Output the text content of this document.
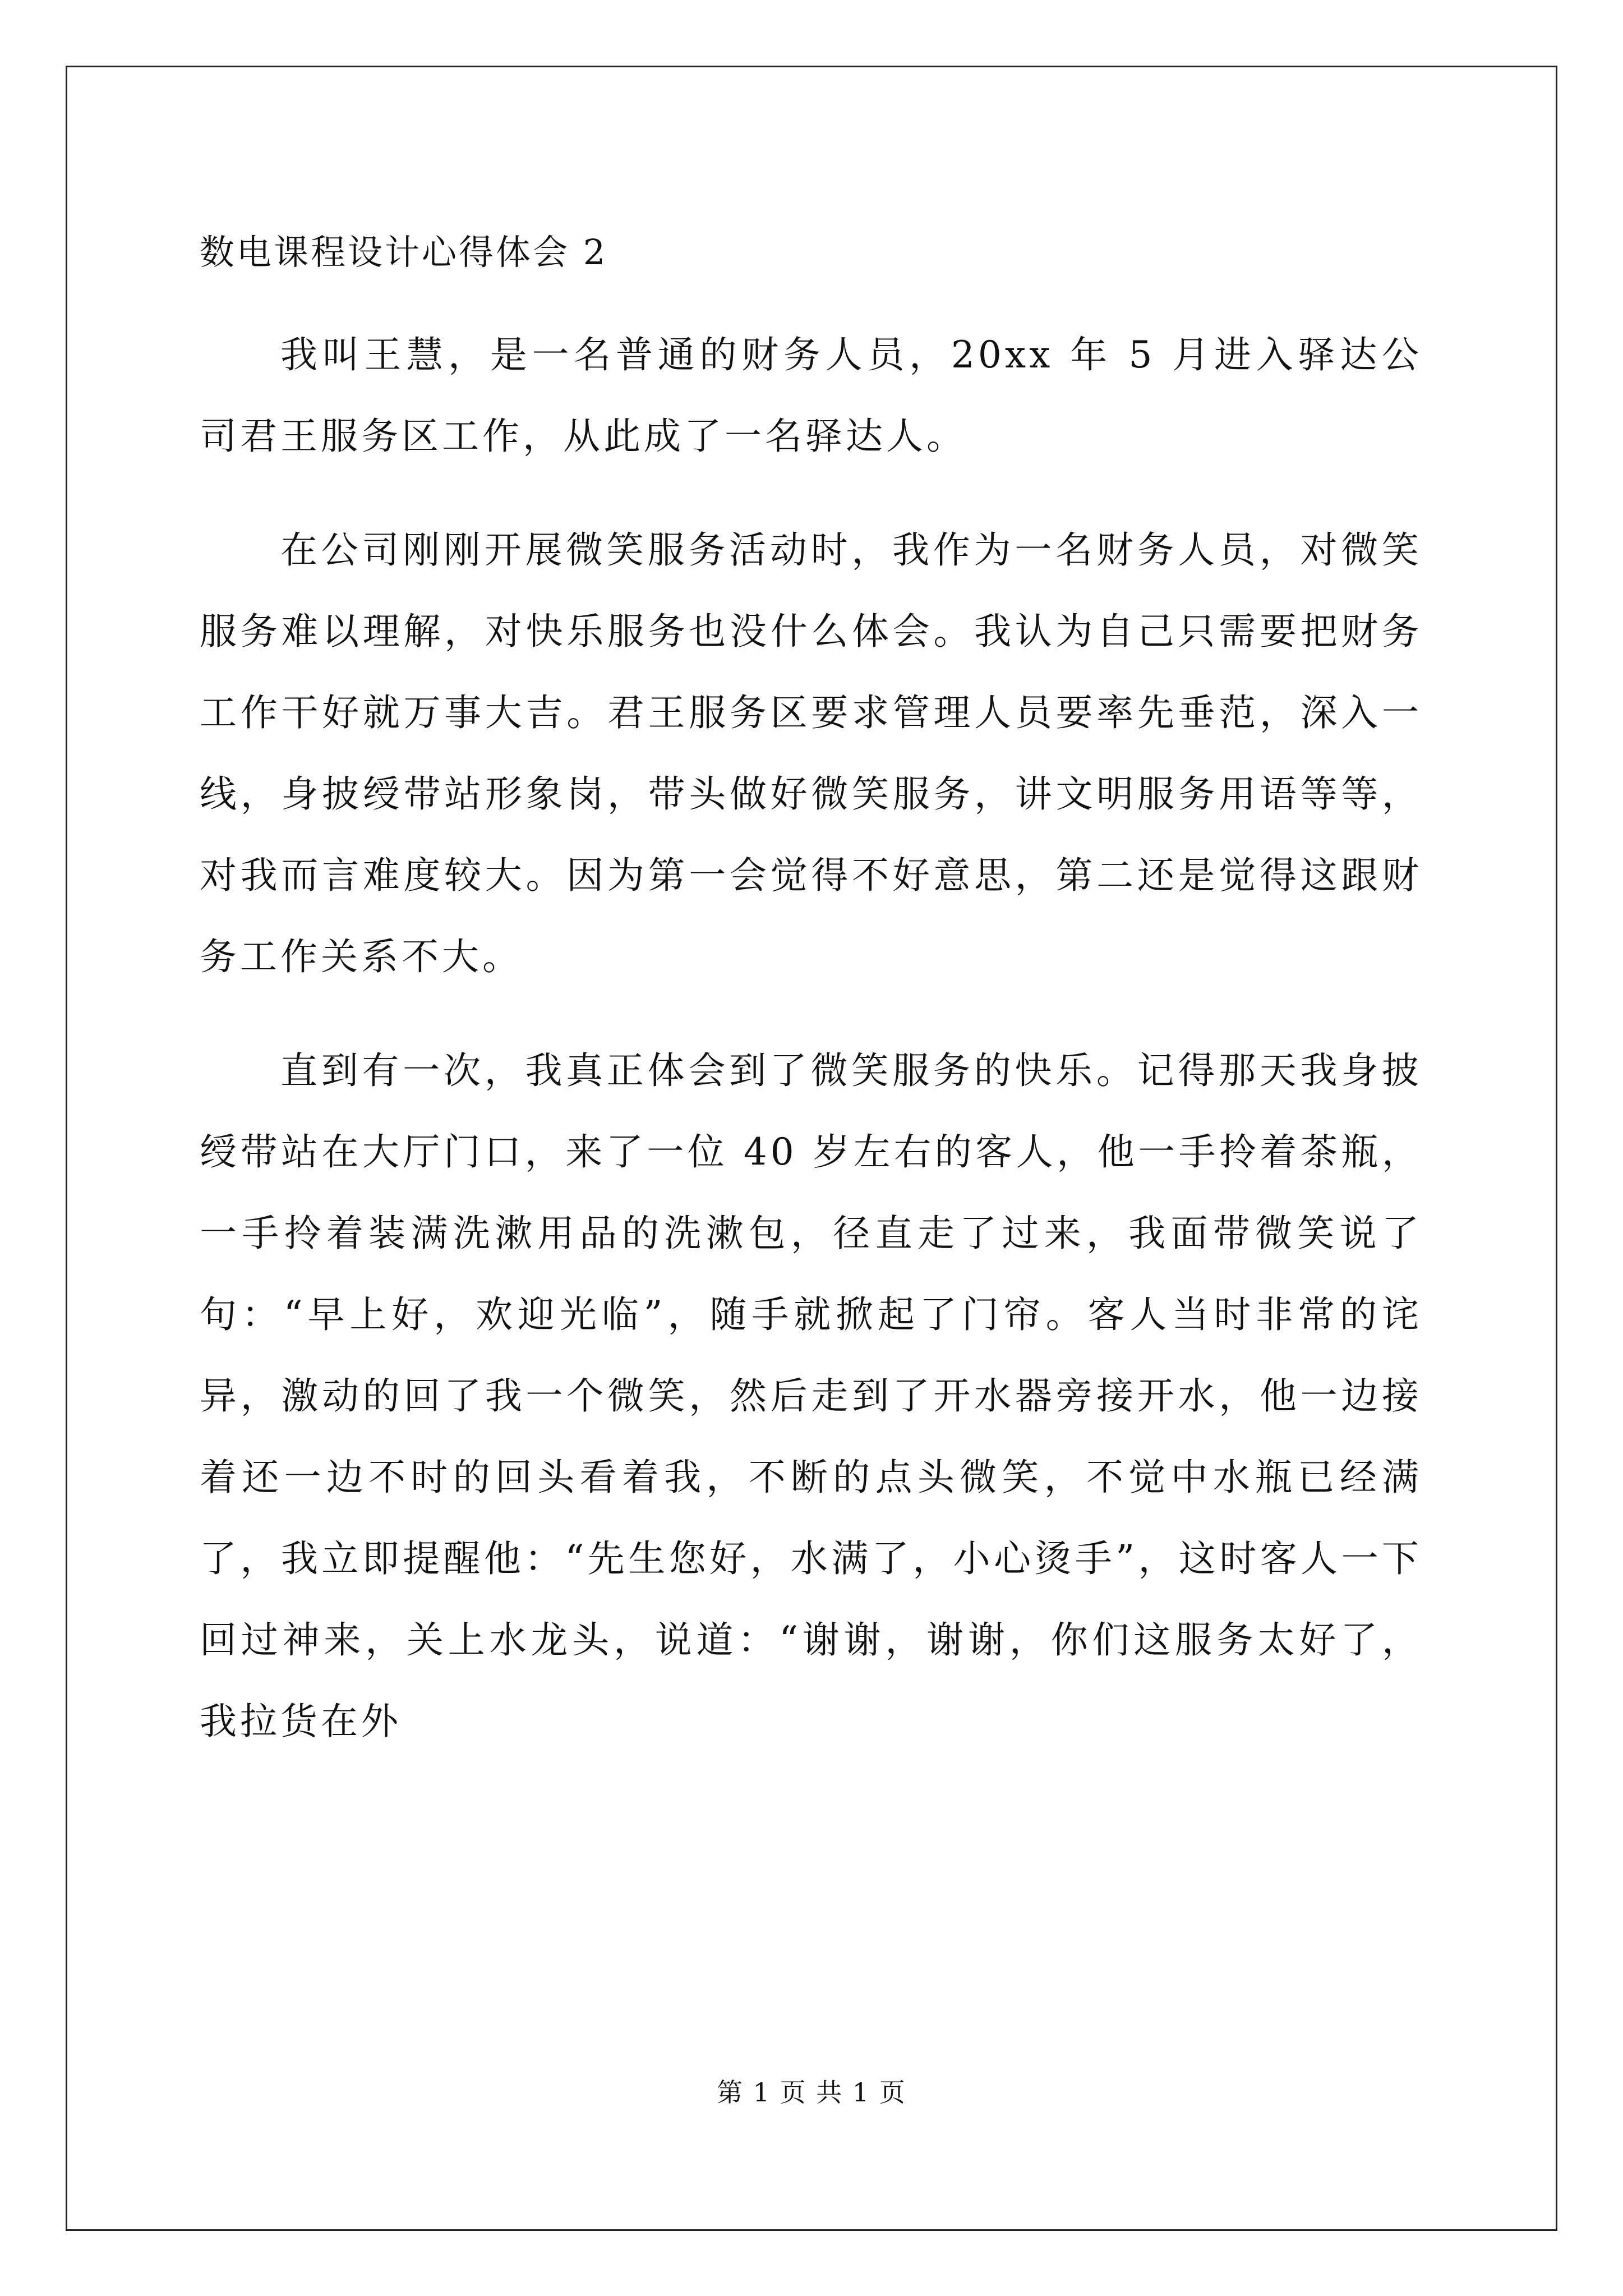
数电课程设计心得体会 2

我叫王慧，是一名普通的财务人员，20xx 年 5 月进入驿达公司君王服务区工作，从此成了一名驿达人。

在公司刚刚开展微笑服务活动时，我作为一名财务人员，对微笑服务难以理解，对快乐服务也没什么体会。我认为自己只需要把财务工作干好就万事大吉。君王服务区要求管理人员要率先垂范，深入一线，身披绶带站形象岗，带头做好微笑服务，讲文明服务用语等等，对我而言难度较大。因为第一会觉得不好意思，第二还是觉得这跟财务工作关系不大。

直到有一次，我真正体会到了微笑服务的快乐。记得那天我身披绶带站在大厅门口，来了一位 40 岁左右的客人，他一手拎着茶瓶，一手拎着装满洗漱用品的洗漱包，径直走了过来，我面带微笑说了句：“早上好，欢迎光临”，随手就掀起了门帘。客人当时非常的诧异，激动的回了我一个微笑，然后走到了开水器旁接开水，他一边接着还一边不时的回头看着我，不断的点头微笑，不觉中水瓶已经满了，我立即提醒他：“先生您好，水满了，小心烫手”，这时客人一下回过神来，关上水龙头，说道：“谢谢，谢谢，你们这服务太好了，我拉货在外

第 1 页 共 1 页
